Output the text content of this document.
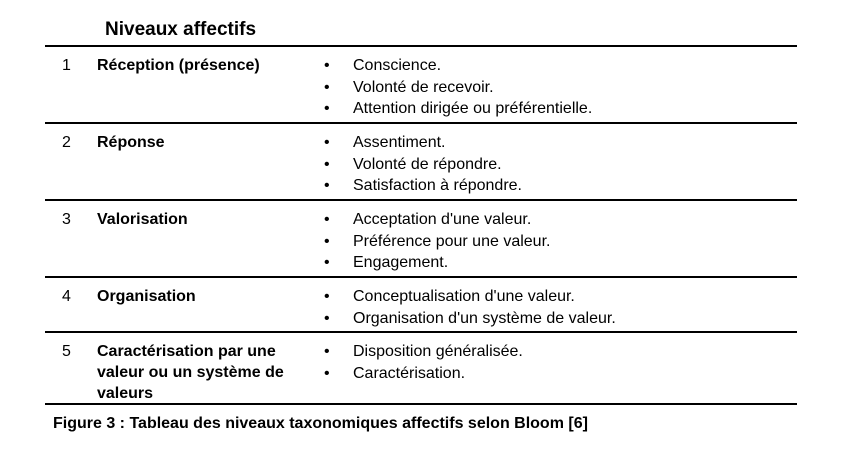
Niveaux affectifs
1 Réception (présence)	• Conscience.
• Volonté de recevoir.
• Attention dirigée ou préférentielle.
2 Réponse	• Assentiment.
• Volonté de répondre.
• Satisfaction à répondre.
3 Valorisation	• Acceptation d'une valeur.
• Préférence pour une valeur.
• Engagement.
4 Organisation	• Conceptualisation d'une valeur.
• Organisation d'un système de valeur.
5 Caractérisation par une valeur ou un système de valeurs
• Disposition généralisée.
• Caractérisation.
Figure 3 : Tableau des niveaux taxonomiques affectifs selon Bloom [6]
